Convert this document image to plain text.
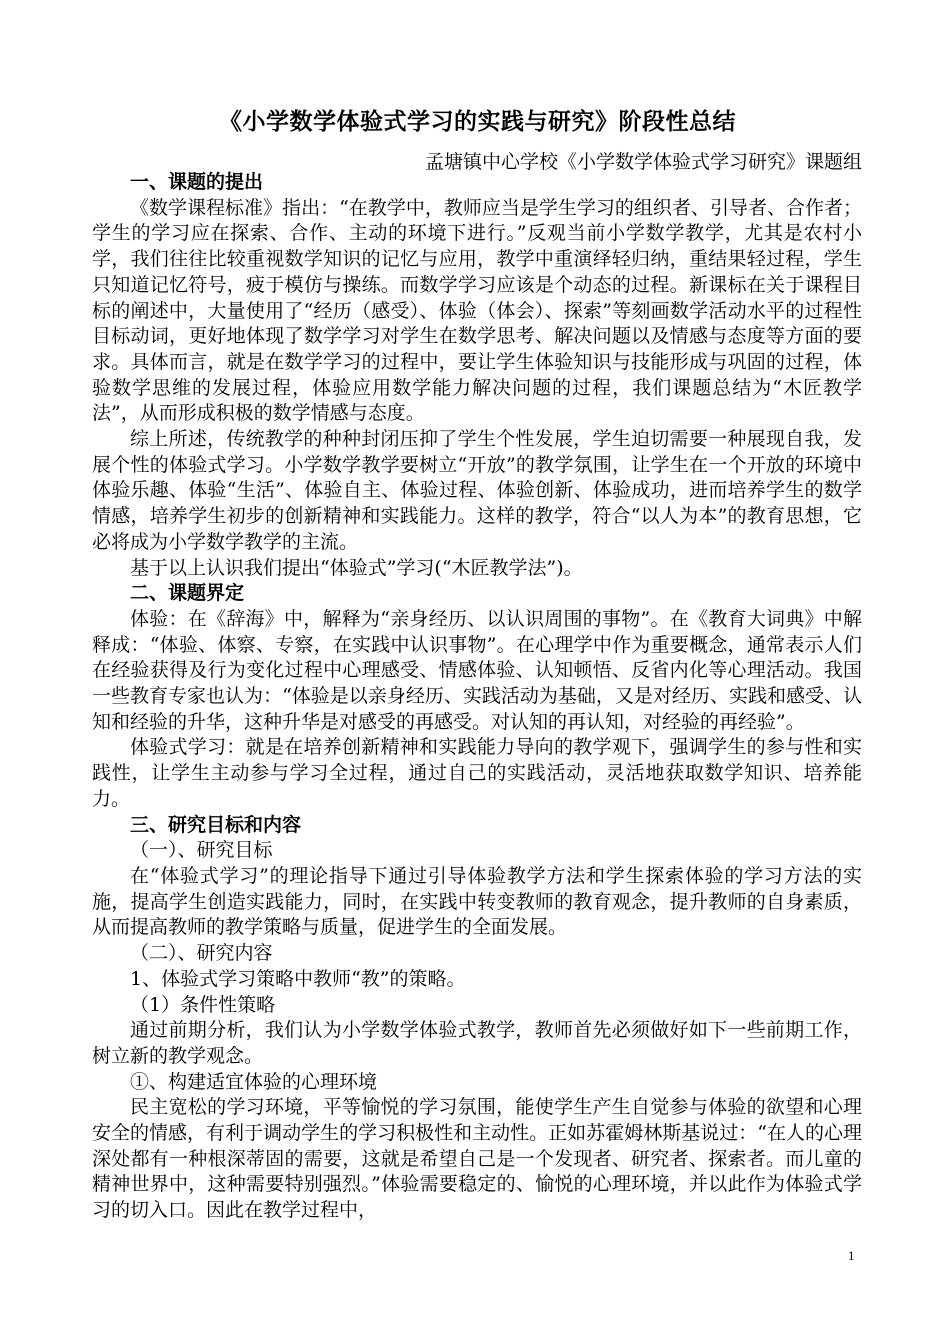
《小学数学体验式学习的实践与研究》阶段性总结
孟塘镇中心学校《小学数学体验式学习研究》课题组

一、课题的提出

《数学课程标准》指出：“在教学中，教师应当是学生学习的组织者、引导者、合作者；学生的学习应在探索、合作、主动的环境下进行。”反观当前小学数学教学，尤其是农村小学，我们往往比较重视数学知识的记忆与应用，教学中重演绎轻归纳，重结果轻过程，学生只知道记忆符号，疲于模仿与操练。而数学学习应该是个动态的过程。新课标在关于课程目标的阐述中，大量使用了“经历（感受）、体验（体会）、探索”等刻画数学活动水平的过程性目标动词，更好地体现了数学学习对学生在数学思考、解决问题以及情感与态度等方面的要求。具体而言，就是在数学学习的过程中，要让学生体验知识与技能形成与巩固的过程，体验数学思维的发展过程，体验应用数学能力解决问题的过程，我们课题总结为“木匠教学法”，从而形成积极的数学情感与态度。

综上所述，传统教学的种种封闭压抑了学生个性发展，学生迫切需要一种展现自我，发展个性的体验式学习。小学数学教学要树立“开放”的教学氛围，让学生在一个开放的环境中体验乐趣、体验“生活”、体验自主、体验过程、体验创新、体验成功，进而培养学生的数学情感，培养学生初步的创新精神和实践能力。这样的教学，符合“以人为本”的教育思想，它必将成为小学数学教学的主流。

基于以上认识我们提出“体验式”学习(“木匠教学法”)。

二、课题界定

体验：在《辞海》中，解释为“亲身经历、以认识周围的事物”。在《教育大词典》中解释成：“体验、体察、专察，在实践中认识事物”。在心理学中作为重要概念，通常表示人们在经验获得及行为变化过程中心理感受、情感体验、认知顿悟、反省内化等心理活动。我国一些教育专家也认为：“体验是以亲身经历、实践活动为基础，又是对经历、实践和感受、认知和经验的升华，这种升华是对感受的再感受。对认知的再认知，对经验的再经验”。

体验式学习：就是在培养创新精神和实践能力导向的教学观下，强调学生的参与性和实践性，让学生主动参与学习全过程，通过自己的实践活动，灵活地获取数学知识、培养能力。

三、研究目标和内容

（一）、研究目标

在“体验式学习”的理论指导下通过引导体验教学方法和学生探索体验的学习方法的实施，提高学生创造实践能力，同时，在实践中转变教师的教育观念，提升教师的自身素质，从而提高教师的教学策略与质量，促进学生的全面发展。

（二）、研究内容

1、体验式学习策略中教师“教”的策略。

（1）条件性策略

通过前期分析，我们认为小学数学体验式教学，教师首先必须做好如下一些前期工作，树立新的教学观念。

①、构建适宜体验的心理环境

民主宽松的学习环境，平等愉悦的学习氛围，能使学生产生自觉参与体验的欲望和心理安全的情感，有利于调动学生的学习积极性和主动性。正如苏霍姆林斯基说过：“在人的心理深处都有一种根深蒂固的需要，这就是希望自己是一个发现者、研究者、探索者。而儿童的精神世界中，这种需要特别强烈。”体验需要稳定的、愉悦的心理环境，并以此作为体验式学习的切入口。因此在教学过程中，

1
